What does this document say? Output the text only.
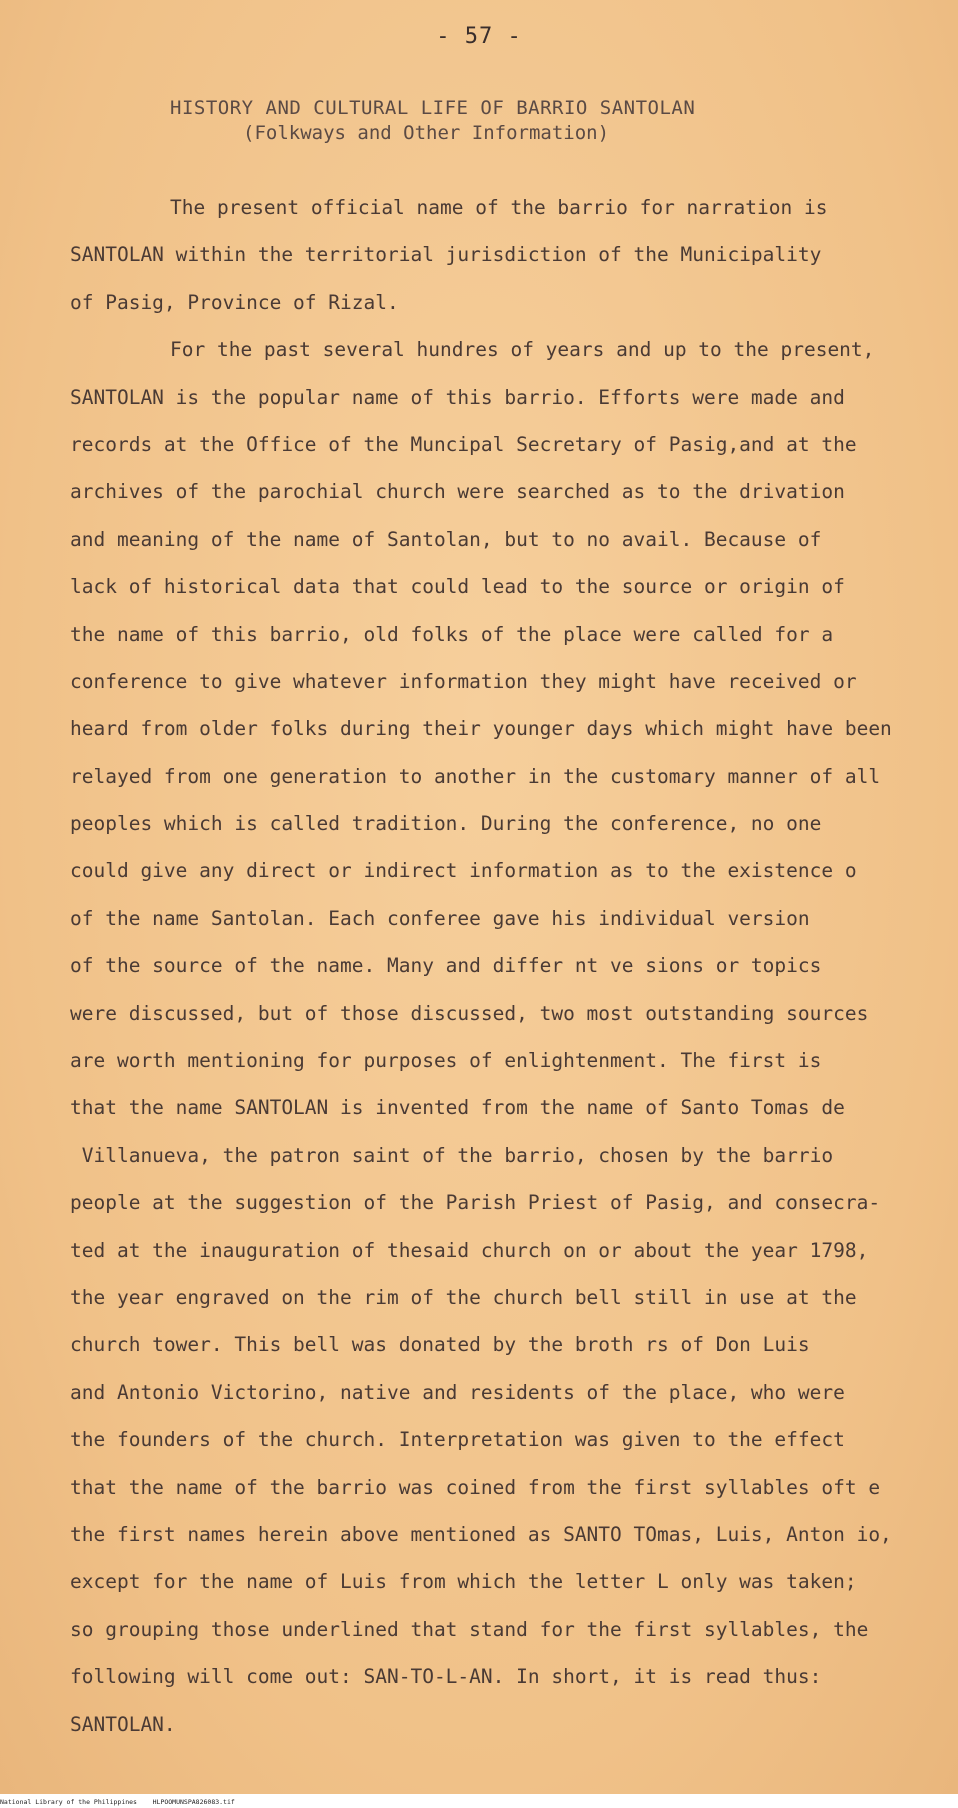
- 57 -
HISTORY AND CULTURAL LIFE OF BARRIO SANTOLAN
(Folkways and Other Information)
The present official name of the barrio for narration is
SANTOLAN within the territorial jurisdiction of the Municipality
of Pasig, Province of Rizal.
For the past several hundres of years and up to the present,
SANTOLAN is the popular name of this barrio. Efforts were made and
records at the Office of the Muncipal Secretary of Pasig,and at the
archives of the parochial church were searched as to the drivation
and meaning of the name of Santolan, but to no avail. Because of
lack of historical data that could lead to the source or origin of
the name of this barrio, old folks of the place were called for a
conference to give whatever information they might have received or
heard from older folks during their younger days which might have been
relayed from one generation to another in the customary manner of all
peoples which is called tradition. During the conference, no one
could give any direct or indirect information as to the existence o
of the name Santolan. Each conferee gave his individual version
of the source of the name. Many and differ nt ve sions or topics
were discussed, but of those discussed, two most outstanding sources
are worth mentioning for purposes of enlightenment. The first is
that the name SANTOLAN is invented from the name of Santo Tomas de
Villanueva, the patron saint of the barrio, chosen by the barrio
people at the suggestion of the Parish Priest of Pasig, and consecra-
ted at the inauguration of thesaid church on or about the year 1798,
the year engraved on the rim of the church bell still in use at the
church tower. This bell was donated by the broth rs of Don Luis
and Antonio Victorino, native and residents of the place, who were
the founders of the church. Interpretation was given to the effect
that the name of the barrio was coined from the first syllables oft e
the first names herein above mentioned as SANTO TOmas, Luis, Anton io,
except for the name of Luis from which the letter L only was taken;
so grouping those underlined that stand for the first syllables, the
following will come out: SAN-TO-L-AN. In short, it is read thus:
SANTOLAN.
National Library of the Philippines    HLPOOMUNSPA826083.tif
